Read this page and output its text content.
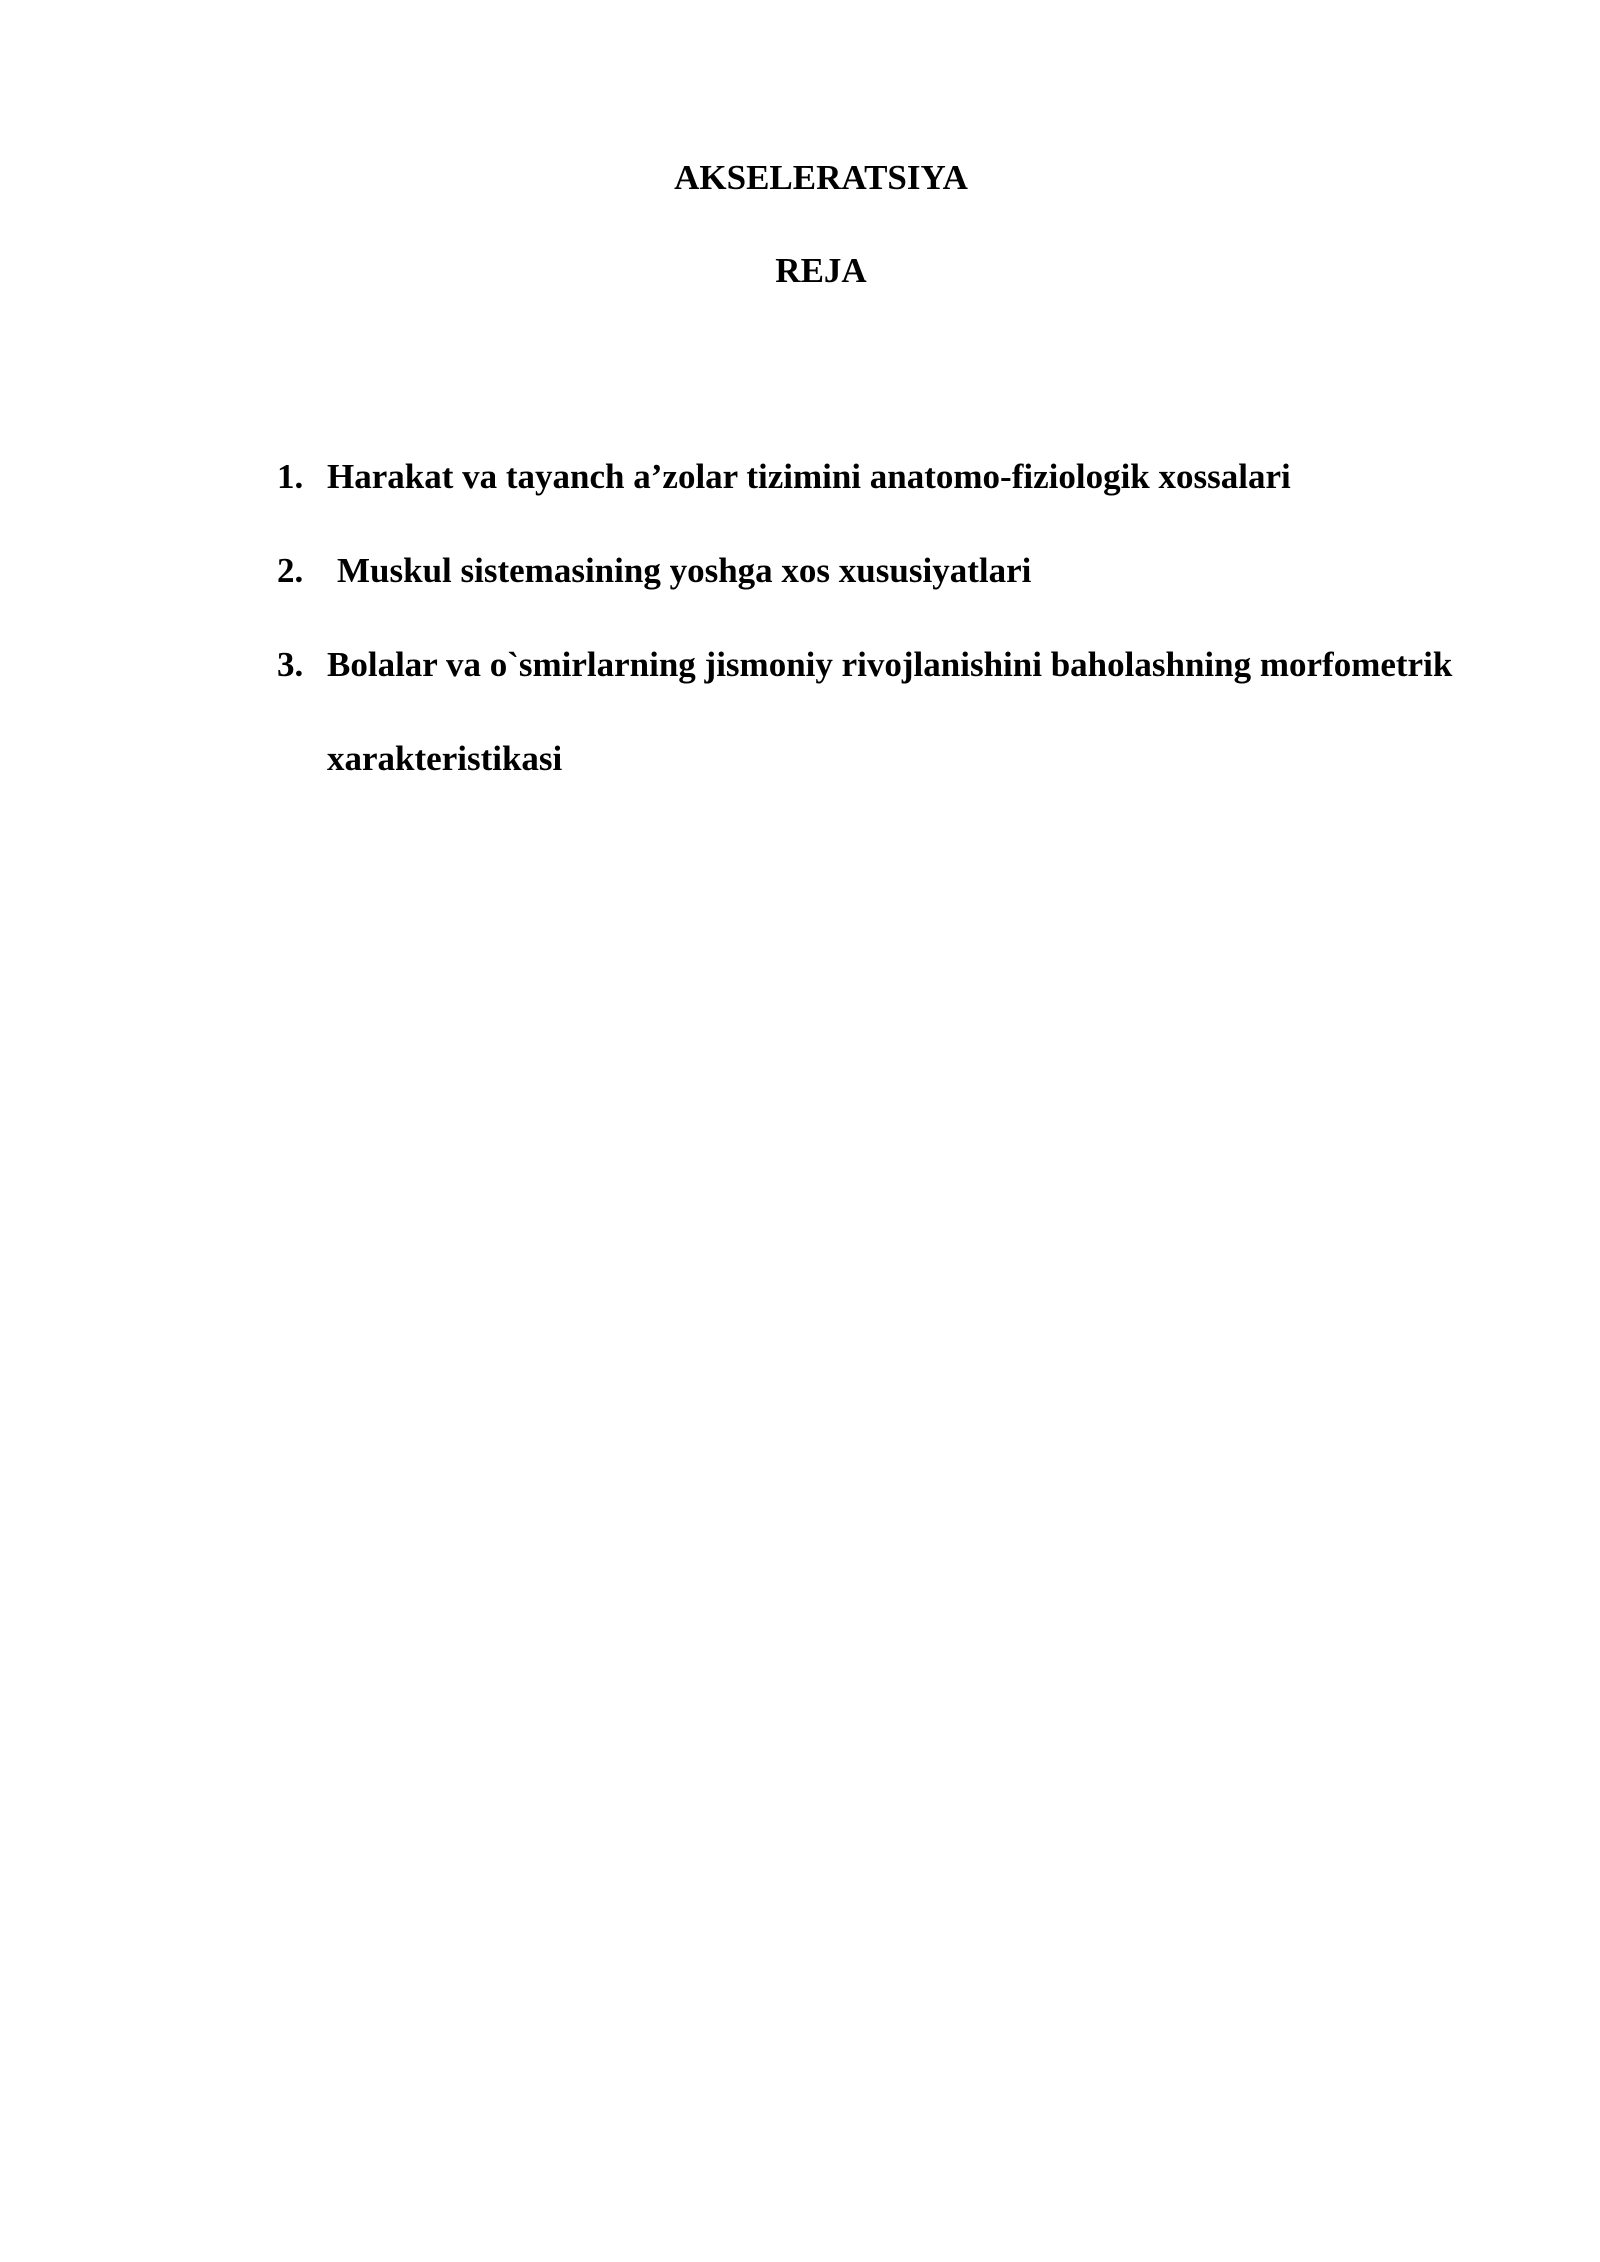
AKSELERATSIYA
REJA
1. Harakat va tayanch a’zolar tizimini anatomo-fiziologik xossalari
2. Muskul sistemasining yoshga xos xususiyatlari
3. Bolalar va o`smirlarning jismoniy rivojlanishini baholashning morfometrik xarakteristikasi
